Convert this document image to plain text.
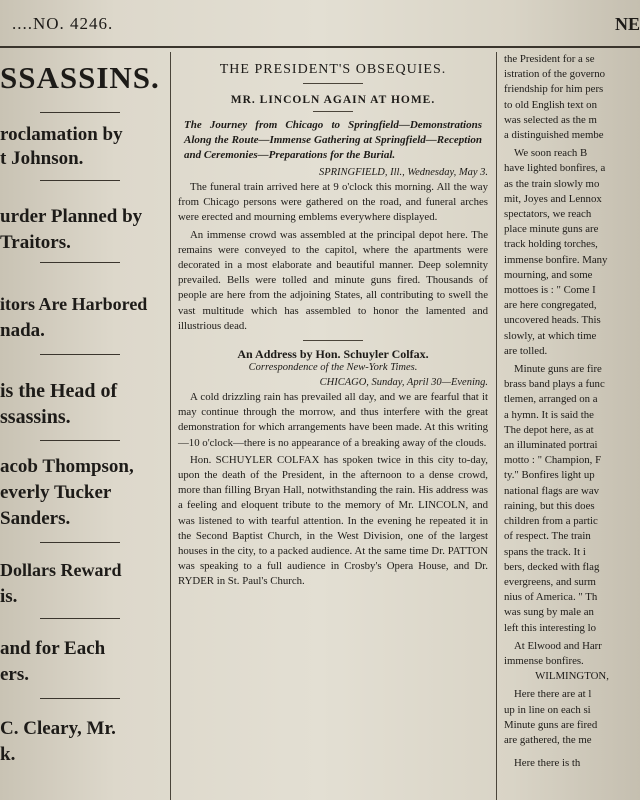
....NO. 4246.	NE
SSASSINS.
roclamation by
t Johnson.
urder Planned by
Traitors.
itors Are Harbored
nada.
is the Head of
ssassins.
acob Thompson,
everly Tucker
Sanders.
Dollars Reward
is.
and for Each
ers.
C. Cleary, Mr.
k.
THE PRESIDENT'S OBSEQUIES.
MR. LINCOLN AGAIN AT HOME.
The Journey from Chicago to Springfield—Demonstrations Along the Route—Immense Gathering at Springfield—Reception and Ceremonies—Preparations for the Burial.
SPRINGFIELD, Ill., Wednesday, May 3.

The funeral train arrived here at 9 o'clock this morning. All the way from Chicago persons were gathered on the road, and funeral arches were erected and mourning emblems everywhere displayed.

An immense crowd was assembled at the principal depot here. The remains were conveyed to the capitol, where the apartments were decorated in a most elaborate and beautiful manner. Deep solemnity prevailed. Bells were tolled and minute guns fired. Thousands of people are here from the adjoining States, all contributing to swell the vast multitude which has assembled to honor the lamented and illustrious dead.

An Address by Hon. Schuyler Colfax.
Correspondence of the New-York Times.
CHICAGO, Sunday, April 30—Evening.

A cold drizzling rain has prevailed all day, and we are fearful that it may continue through the morrow, and thus interfere with the great demonstration for which arrangements have been made. At this writing—10 o'clock—there is no appearance of a breaking away of the clouds.

Hon. SCHUYLER COLFAX has spoken twice in this city to-day, upon the death of the President, in the afternoon to a dense crowd, more than filling Bryan Hall, notwithstanding the rain. His address was a feeling and eloquent tribute to the memory of Mr. LINCOLN, and was listened to with tearful attention. In the evening he repeated it in the Second Baptist Church, in the West Division, one of the largest houses in the city, to a packed audience. At the same time Dr. PATTON was speaking to a full audience in Crosby's Opera House, and Dr. RYDER in St. Paul's Church.

the President for a se

istration of the governo

friendship for him pers

to old English text on

was selected as the m

a distinguished membe

We soon reach B

have lighted bonfires, a

as the train slowly mo

mit, Joyes and Lennox

spectators, we reach

place minute guns are

track holding torches,

immense bonfire. Many

mourning, and some

mottoes is : " Come I

are here congregated,

uncovered heads. This

slowly, at which time

are tolled.

Minute guns are fire

brass band plays a func

tlemen, arranged on a

a hymn. It is said the

The depot here, as at

an illuminated portrai

motto : " Champion, F

ty." Bonfires light up

national flags are wav

raining, but this does

children from a partic

of respect. The train

spans the track. It i

bers, decked with flag

evergreens, and surm

nius of America. " Th

was sung by male an

left this interesting lo

At Elwood and Harr

immense bonfires.

WILMINGTON,

Here there are at l

up in line on each si

Minute guns are fired

are gathered, the me

Here there is th
